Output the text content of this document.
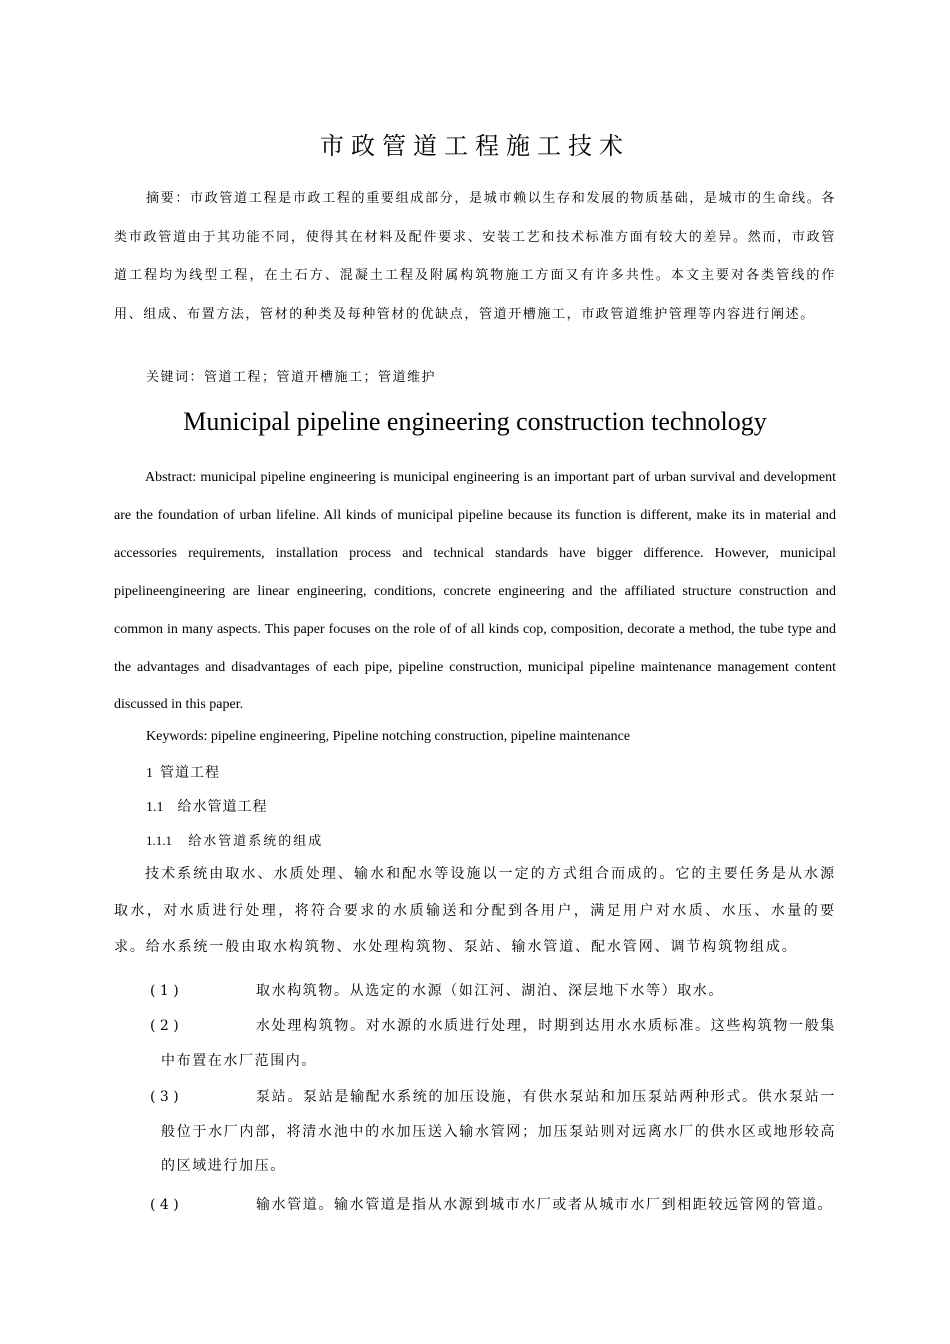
市政管道工程施工技术

摘要：市政管道工程是市政工程的重要组成部分，是城市赖以生存和发展的物质基础，是城市的生命线。各类市政管道由于其功能不同，使得其在材料及配件要求、安装工艺和技术标准方面有较大的差异。然而，市政管道工程均为线型工程，在土石方、混凝土工程及附属构筑物施工方面又有许多共性。本文主要对各类管线的作用、组成、布置方法，管材的种类及每种管材的优缺点，管道开槽施工，市政管道维护管理等内容进行阐述。

关键词：管道工程；管道开槽施工；管道维护

Municipal pipeline engineering construction technology

Abstract: municipal pipeline engineering is municipal engineering is an important part of urban survival and development are the foundation of urban lifeline. All kinds of municipal pipeline because its function is different, make its in material and accessories requirements, installation process and technical standards have bigger difference. However, municipal pipelineengineering are linear engineering, conditions, concrete engineering and the affiliated structure construction and common in many aspects. This paper focuses on the role of of all kinds cop, composition, decorate a method, the tube type and the advantages and disadvantages of each pipe, pipeline construction, municipal pipeline maintenance management content discussed in this paper.

Keywords: pipeline engineering, Pipeline notching construction, pipeline maintenance

1 管道工程

1.1 给水管道工程

1.1.1 给水管道系统的组成

技术系统由取水、水质处理、输水和配水等设施以一定的方式组合而成的。它的主要任务是从水源取水，对水质进行处理，将符合要求的水质输送和分配到各用户，满足用户对水质、水压、水量的要求。给水系统一般由取水构筑物、水处理构筑物、泵站、输水管道、配水管网、调节构筑物组成。

( 1 )	取水构筑物。从选定的水源（如江河、湖泊、深层地下水等）取水。
( 2 )	水处理构筑物。对水源的水质进行处理，时期到达用水水质标准。这些构筑物一般集中布置在水厂范围内。
( 3 )	泵站。泵站是输配水系统的加压设施，有供水泵站和加压泵站两种形式。供水泵站一般位于水厂内部，将清水池中的水加压送入输水管网；加压泵站则对远离水厂的供水区或地形较高的区域进行加压。
( 4 )	输水管道。输水管道是指从水源到城市水厂或者从城市水厂到相距较远管网的管道。
